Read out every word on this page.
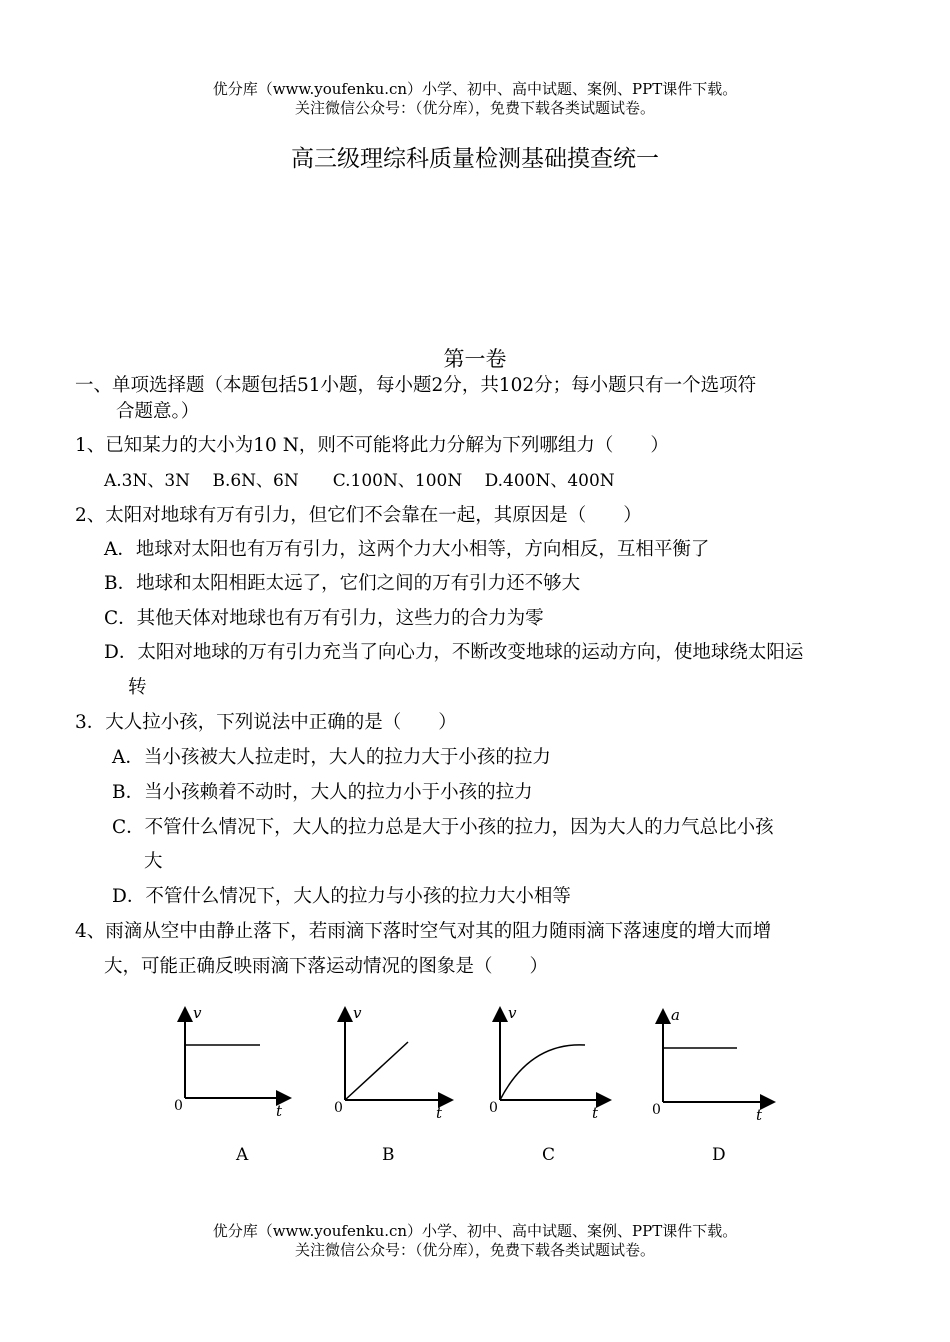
优分库（www.youfenku.cn）小学、初中、高中试题、案例、PPT课件下载。
关注微信公众号：（优分库），免费下载各类试题试卷。
高三级理综科质量检测基础摸查统一
第一卷
一、单项选择题（本题包括51小题，每小题2分，共102分；每小题只有一个选项符
合题意。）
1、已知某力的大小为10 N，则不可能将此力分解为下列哪组力（　　）
A.3N、3N　 B.6N、6N　　C.100N、100N　 D.400N、400N
2、太阳对地球有万有引力，但它们不会靠在一起，其原因是（　　）
A．地球对太阳也有万有引力，这两个力大小相等，方向相反，互相平衡了
B．地球和太阳相距太远了，它们之间的万有引力还不够大
C．其他天体对地球也有万有引力，这些力的合力为零
D．太阳对地球的万有引力充当了向心力，不断改变地球的运动方向，使地球绕太阳运
转
3．大人拉小孩，下列说法中正确的是（　　）
A．当小孩被大人拉走时，大人的拉力大于小孩的拉力
B．当小孩赖着不动时，大人的拉力小于小孩的拉力
C．不管什么情况下，大人的拉力总是大于小孩的拉力，因为大人的力气总比小孩
大
D．不管什么情况下，大人的拉力与小孩的拉力大小相等
4、雨滴从空中由静止落下，若雨滴下落时空气对其的阻力随雨滴下落速度的增大而增
大，可能正确反映雨滴下落运动情况的图象是（　　）
v
0	t
A
v
0	t
B
v
0	t
C
a
0	t
D
优分库（www.youfenku.cn）小学、初中、高中试题、案例、PPT课件下载。
关注微信公众号：（优分库），免费下载各类试题试卷。
